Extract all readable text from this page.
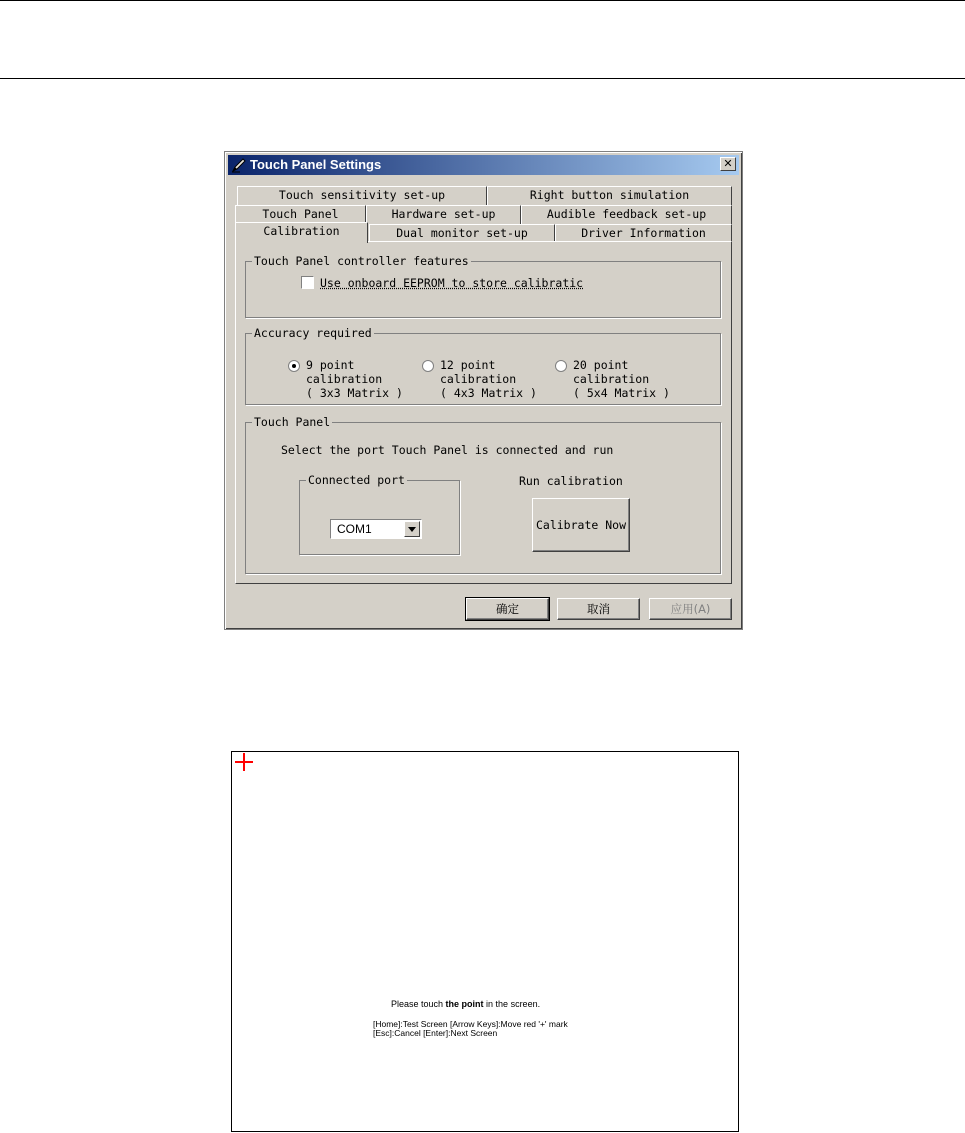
Touch Panel Settings	✕
Touch sensitivity set-up	Right button simulation
Touch Panel	Hardware set-up	Audible feedback set-up
Calibration	Dual monitor set-up	Driver Information
Touch Panel controller features
Use onboard EEPROM to store calibratic
Accuracy required
9 point
calibration
( 3x3 Matrix )
12 point
calibration
( 4x3 Matrix )
20 point
calibration
( 5x4 Matrix )
Touch Panel
Select the port Touch Panel is connected and run
Connected port
COM1
Run calibration
Calibrate Now
确定	取消	应用(A)
Please touch the point in the screen.
[Home]:Test Screen [Arrow Keys]:Move red '+' mark
[Esc]:Cancel [Enter]:Next Screen
